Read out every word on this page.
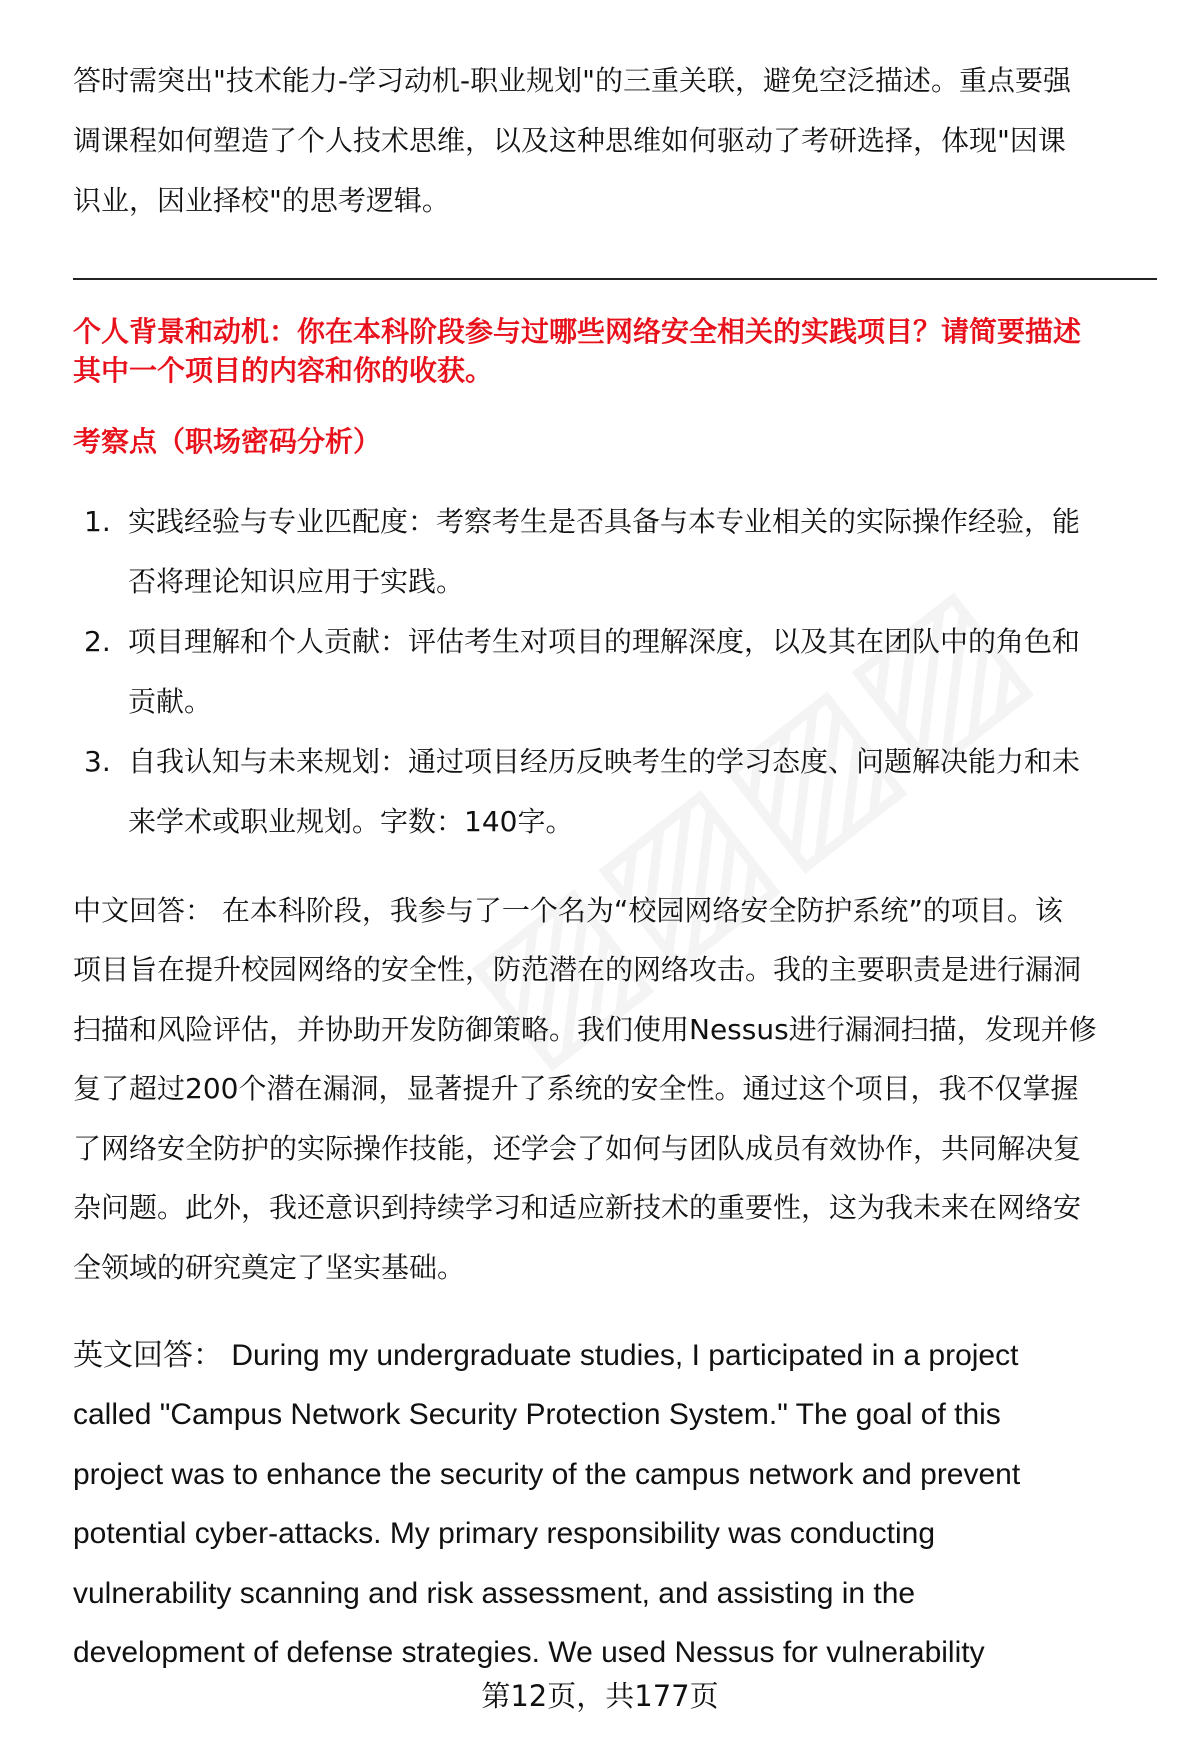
答时需突出"技术能力-学习动机-职业规划"的三重关联，避免空泛描述。重点要强
调课程如何塑造了个人技术思维，以及这种思维如何驱动了考研选择，体现"因课
识业，因业择校"的思考逻辑。
个人背景和动机：你在本科阶段参与过哪些网络安全相关的实践项目？请简要描述
其中一个项目的内容和你的收获。
考察点（职场密码分析）
1. 实践经验与专业匹配度：考察考生是否具备与本专业相关的实际操作经验，能
否将理论知识应用于实践。
2. 项目理解和个人贡献：评估考生对项目的理解深度，以及其在团队中的角色和
贡献。
3. 自我认知与未来规划：通过项目经历反映考生的学习态度、问题解决能力和未
来学术或职业规划。字数：140字。
中文回答： 在本科阶段，我参与了一个名为“校园网络安全防护系统”的项目。该
项目旨在提升校园网络的安全性，防范潜在的网络攻击。我的主要职责是进行漏洞
扫描和风险评估，并协助开发防御策略。我们使用Nessus进行漏洞扫描，发现并修
复了超过200个潜在漏洞，显著提升了系统的安全性。通过这个项目，我不仅掌握
了网络安全防护的实际操作技能，还学会了如何与团队成员有效协作，共同解决复
杂问题。此外，我还意识到持续学习和适应新技术的重要性，这为我未来在网络安
全领域的研究奠定了坚实基础。
英文回答： During my undergraduate studies, I participated in a project
called "Campus Network Security Protection System." The goal of this
project was to enhance the security of the campus network and prevent
potential cyber-attacks. My primary responsibility was conducting
vulnerability scanning and risk assessment, and assisting in the
development of defense strategies. We used Nessus for vulnerability
第12页，共177页
